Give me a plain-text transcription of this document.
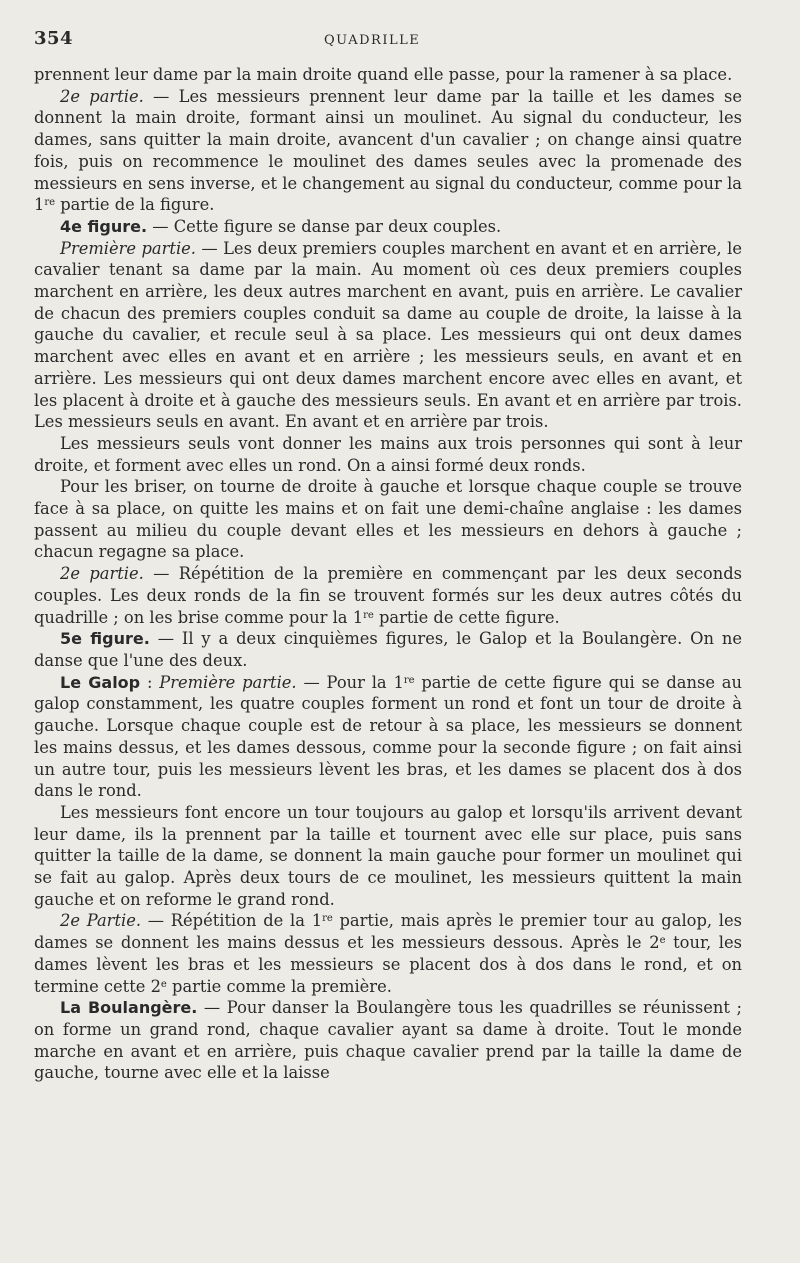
354	QUADRILLE

prennent leur dame par la main droite quand elle passe, pour la ramener à sa place.

2e partie. — Les messieurs prennent leur dame par la taille et les dames se donnent la main droite, formant ainsi un moulinet. Au signal du conducteur, les dames, sans quitter la main droite, avancent d'un cavalier ; on change ainsi quatre fois, puis on recommence le moulinet des dames seules avec la promenade des messieurs en sens inverse, et le changement au signal du conducteur, comme pour la 1re partie de la figure.

4e figure. — Cette figure se danse par deux couples.

Première partie. — Les deux premiers couples marchent en avant et en arrière, le cavalier tenant sa dame par la main. Au moment où ces deux premiers couples marchent en arrière, les deux autres marchent en avant, puis en arrière. Le cavalier de chacun des premiers couples conduit sa dame au couple de droite, la laisse à la gauche du cavalier, et recule seul à sa place. Les messieurs qui ont deux dames marchent avec elles en avant et en arrière ; les messieurs seuls, en avant et en arrière. Les messieurs qui ont deux dames marchent encore avec elles en avant, et les placent à droite et à gauche des messieurs seuls. En avant et en arrière par trois. Les messieurs seuls en avant. En avant et en arrière par trois.

Les messieurs seuls vont donner les mains aux trois personnes qui sont à leur droite, et forment avec elles un rond. On a ainsi formé deux ronds.

Pour les briser, on tourne de droite à gauche et lorsque chaque couple se trouve face à sa place, on quitte les mains et on fait une demi-chaîne anglaise : les dames passent au milieu du couple devant elles et les messieurs en dehors à gauche ; chacun regagne sa place.

2e partie. — Répétition de la première en commençant par les deux seconds couples. Les deux ronds de la fin se trouvent formés sur les deux autres côtés du quadrille ; on les brise comme pour la 1re partie de cette figure.

5e figure. — Il y a deux cinquièmes figures, le Galop et la Boulangère. On ne danse que l'une des deux.

Le Galop : Première partie. — Pour la 1re partie de cette figure qui se danse au galop constamment, les quatre couples forment un rond et font un tour de droite à gauche. Lorsque chaque couple est de retour à sa place, les messieurs se donnent les mains dessus, et les dames dessous, comme pour la seconde figure ; on fait ainsi un autre tour, puis les messieurs lèvent les bras, et les dames se placent dos à dos dans le rond.

Les messieurs font encore un tour toujours au galop et lorsqu'ils arrivent devant leur dame, ils la prennent par la taille et tournent avec elle sur place, puis sans quitter la taille de la dame, se donnent la main gauche pour former un moulinet qui se fait au galop. Après deux tours de ce moulinet, les messieurs quittent la main gauche et on reforme le grand rond.

2e Partie. — Répétition de la 1re partie, mais après le premier tour au galop, les dames se donnent les mains dessus et les messieurs dessous. Après le 2e tour, les dames lèvent les bras et les messieurs se placent dos à dos dans le rond, et on termine cette 2e partie comme la première.

La Boulangère. — Pour danser la Boulangère tous les quadrilles se réunissent ; on forme un grand rond, chaque cavalier ayant sa dame à droite. Tout le monde marche en avant et en arrière, puis chaque cavalier prend par la taille la dame de gauche, tourne avec elle et la laisse
